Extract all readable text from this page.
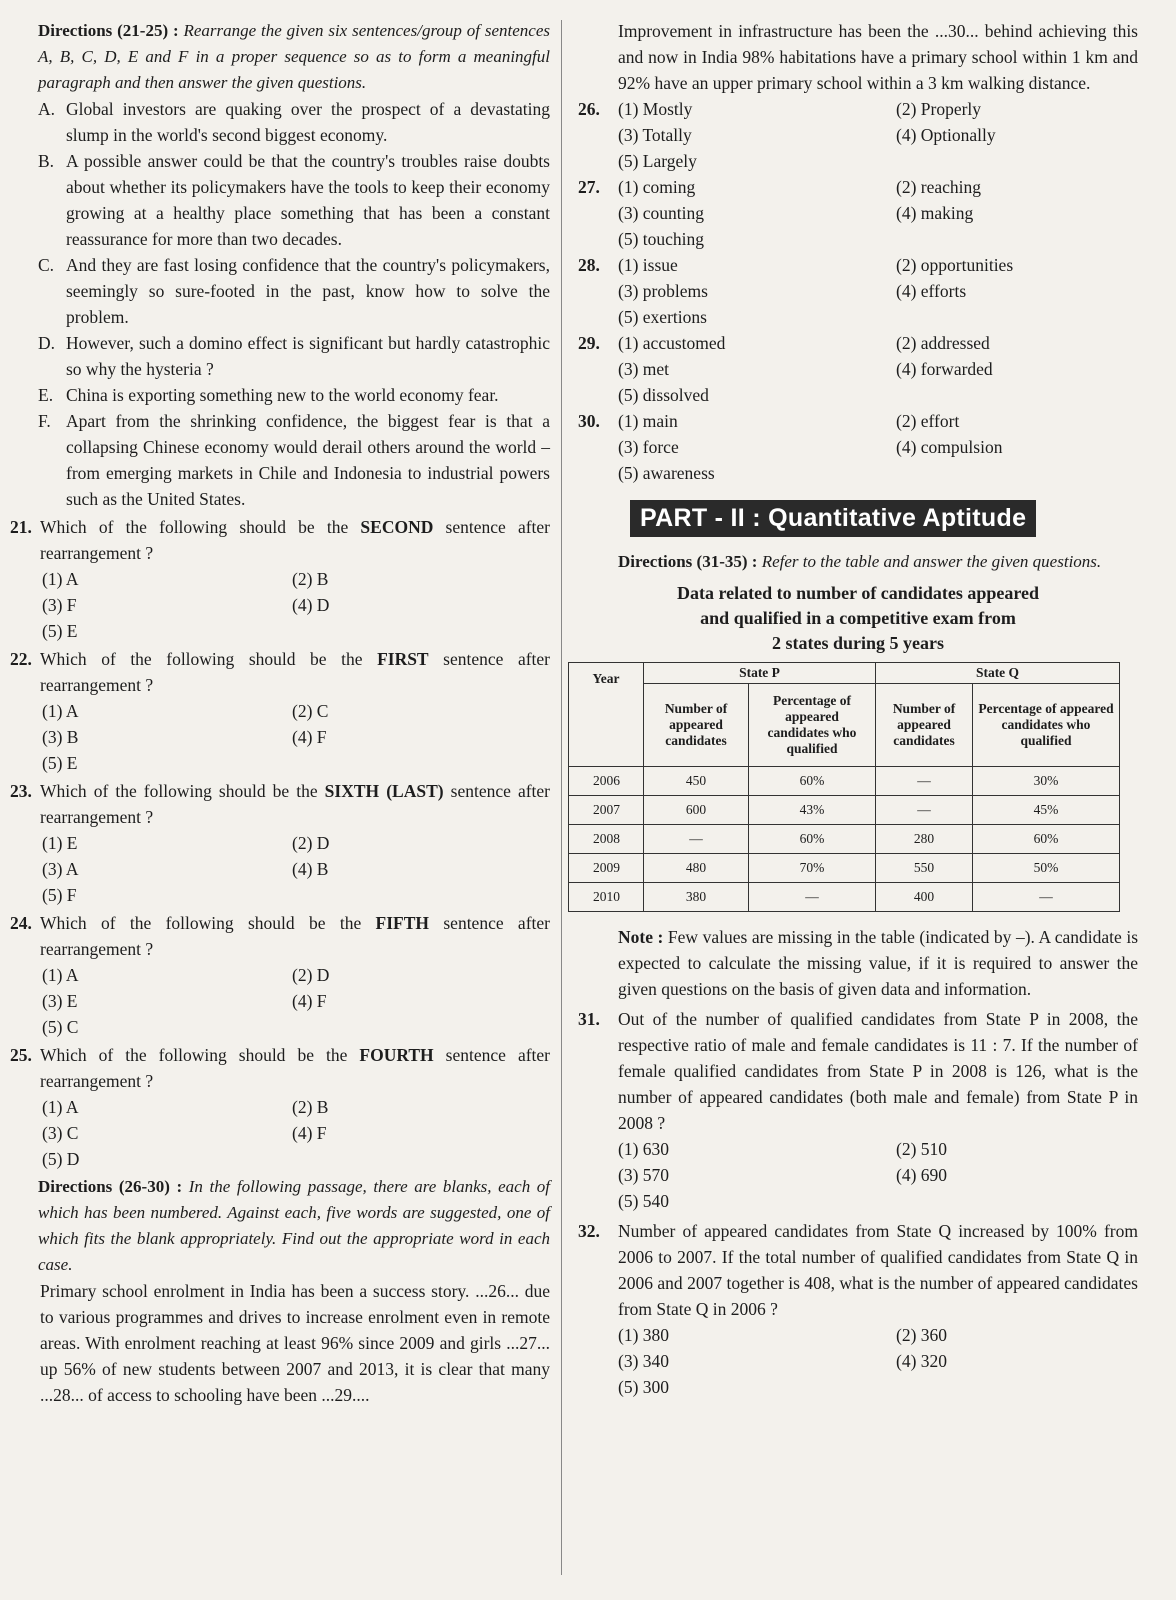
Directions (21-25) : Rearrange the given six sentences/group of sentences A, B, C, D, E and F in a proper sequence so as to form a meaningful paragraph and then answer the given questions.

A. Global investors are quaking over the prospect of a devastating slump in the world's second biggest economy.
B. A possible answer could be that the country's troubles raise doubts about whether its policymakers have the tools to keep their economy growing at a healthy place something that has been a constant reassurance for more than two decades.
C. And they are fast losing confidence that the country's policymakers, seemingly so sure-footed in the past, know how to solve the problem.
D. However, such a domino effect is significant but hardly catastrophic so why the hysteria ?
E. China is exporting something new to the world economy fear.
F. Apart from the shrinking confidence, the biggest fear is that a collapsing Chinese economy would derail others around the world – from emerging markets in Chile and Indonesia to industrial powers such as the United States.
21. Which of the following should be the SECOND sentence after rearrangement ?
(1) A	(2) B
(3) F	(4) D
(5) E
22. Which of the following should be the FIRST sentence after rearrangement ?
(1) A	(2) C
(3) B	(4) F
(5) E
23. Which of the following should be the SIXTH (LAST) sentence after rearrangement ?
(1) E	(2) D
(3) A	(4) B
(5) F
24. Which of the following should be the FIFTH sentence after rearrangement ?
(1) A	(2) D
(3) E	(4) F
(5) C
25. Which of the following should be the FOURTH sentence after rearrangement ?
(1) A	(2) B
(3) C	(4) F
(5) D

Directions (26-30) : In the following passage, there are blanks, each of which has been numbered. Against each, five words are suggested, one of which fits the blank appropriately. Find out the appropriate word in each case.

Primary school enrolment in India has been a success story. ...26... due to various programmes and drives to increase enrolment even in remote areas. With enrolment reaching at least 96% since 2009 and girls ...27... up 56% of new students between 2007 and 2013, it is clear that many ...28... of access to schooling have been ...29....

Improvement in infrastructure has been the ...30... behind achieving this and now in India 98% habitations have a primary school within 1 km and 92% have an upper primary school within a 3 km walking distance.

26.	(1) Mostly	(2) Properly
(3) Totally	(4) Optionally
(5) Largely
27.	(1) coming	(2) reaching
(3) counting	(4) making
(5) touching
28.	(1) issue	(2) opportunities
(3) problems	(4) efforts
(5) exertions
29.	(1) accustomed	(2) addressed
(3) met	(4) forwarded
(5) dissolved
30.	(1) main	(2) effort
(3) force	(4) compulsion
(5) awareness
PART - II : Quantitative Aptitude

Directions (31-35) : Refer to the table and answer the given questions.

Data related to number of candidates appeared
and qualified in a competitive exam from
2 states during 5 years
Year	State P		State Q	
	Number of appeared candidates	Percentage of appeared candidates who qualified	Number of appeared candidates	Percentage of appeared candidates who qualified
2006	450	60%	—	30%
2007	600	43%	—	45%
2008	—	60%	280	60%
2009	480	70%	550	50%
2010	380	—	400	—

Note : Few values are missing in the table (indicated by –). A candidate is expected to calculate the missing value, if it is required to answer the given questions on the basis of given data and information.

31.	Out of the number of qualified candidates from State P in 2008, the respective ratio of male and female candidates is 11 : 7. If the number of female qualified candidates from State P in 2008 is 126, what is the number of appeared candidates (both male and female) from State P in 2008 ?
(1) 630	(2) 510
(3) 570	(4) 690
(5) 540
32.	Number of appeared candidates from State Q increased by 100% from 2006 to 2007. If the total number of qualified candidates from State Q in 2006 and 2007 together is 408, what is the number of appeared candidates from State Q in 2006 ?
(1) 380	(2) 360
(3) 340	(4) 320
(5) 300
